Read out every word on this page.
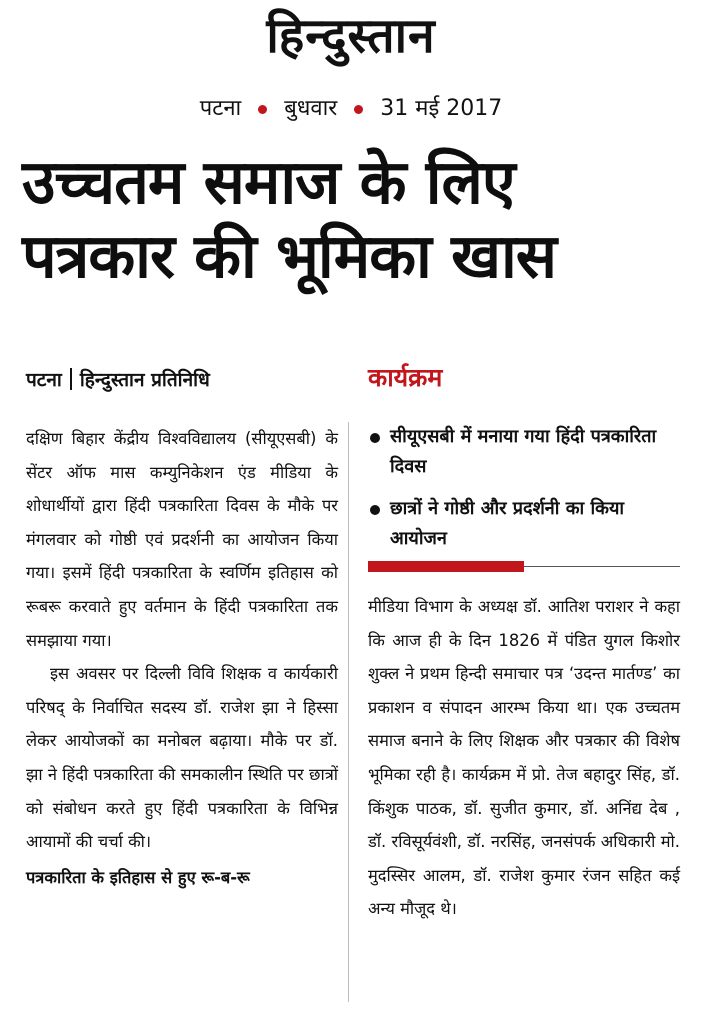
हिन्दुस्तान
पटना बुधवार 31 मई 2017
उच्चतम समाज के लिए
पत्रकार की भूमिका खास
पटना हिन्दुस्तान प्रतिनिधि	कार्यक्रम

दक्षिण बिहार केंद्रीय विश्वविद्यालय (सीयूएसबी) के सेंटर ऑफ मास कम्युनिकेशन एंड मीडिया के शोधार्थीयों द्वारा हिंदी पत्रकारिता दिवस के मौके पर मंगलवार को गोष्ठी एवं प्रदर्शनी का आयोजन किया गया। इसमें हिंदी पत्रकारिता के स्वर्णिम इतिहास को रूबरू करवाते हुए वर्तमान के हिंदी पत्रकारिता तक समझाया गया।

इस अवसर पर दिल्ली विवि शिक्षक व कार्यकारी परिषद् के निर्वाचित सदस्य डॉ. राजेश झा ने हिस्सा लेकर आयोजकों का मनोबल बढ़ाया। मौके पर डॉ. झा ने हिंदी पत्रकारिता की समकालीन स्थिति पर छात्रों को संबोधन करते हुए हिंदी पत्रकारिता के विभिन्न आयामों की चर्चा की।

पत्रकारिता के इतिहास से हुए रू-ब-रू

सीयूएसबी में मनाया गया हिंदी पत्रकारिता दिवस
छात्रों ने गोष्ठी और प्रदर्शनी का किया आयोजन

मीडिया विभाग के अध्यक्ष डॉ. आतिश पराशर ने कहा कि आज ही के दिन 1826 में पंडित युगल किशोर शुक्ल ने प्रथम हिन्दी समाचार पत्र ‘उदन्त मार्तण्ड’ का प्रकाशन व संपादन आरम्भ किया था। एक उच्चतम समाज बनाने के लिए शिक्षक और पत्रकार की विशेष भूमिका रही है। कार्यक्रम में प्रो. तेज बहादुर सिंह, डॉ. किंशुक पाठक, डॉ. सुजीत कुमार, डॉ. अनिंद्य देब , डॉ. रविसूर्यवंशी, डॉ. नरसिंह, जनसंपर्क अधिकारी मो. मुदस्सिर आलम, डॉ. राजेश कुमार रंजन सहित कई अन्य मौजूद थे।
